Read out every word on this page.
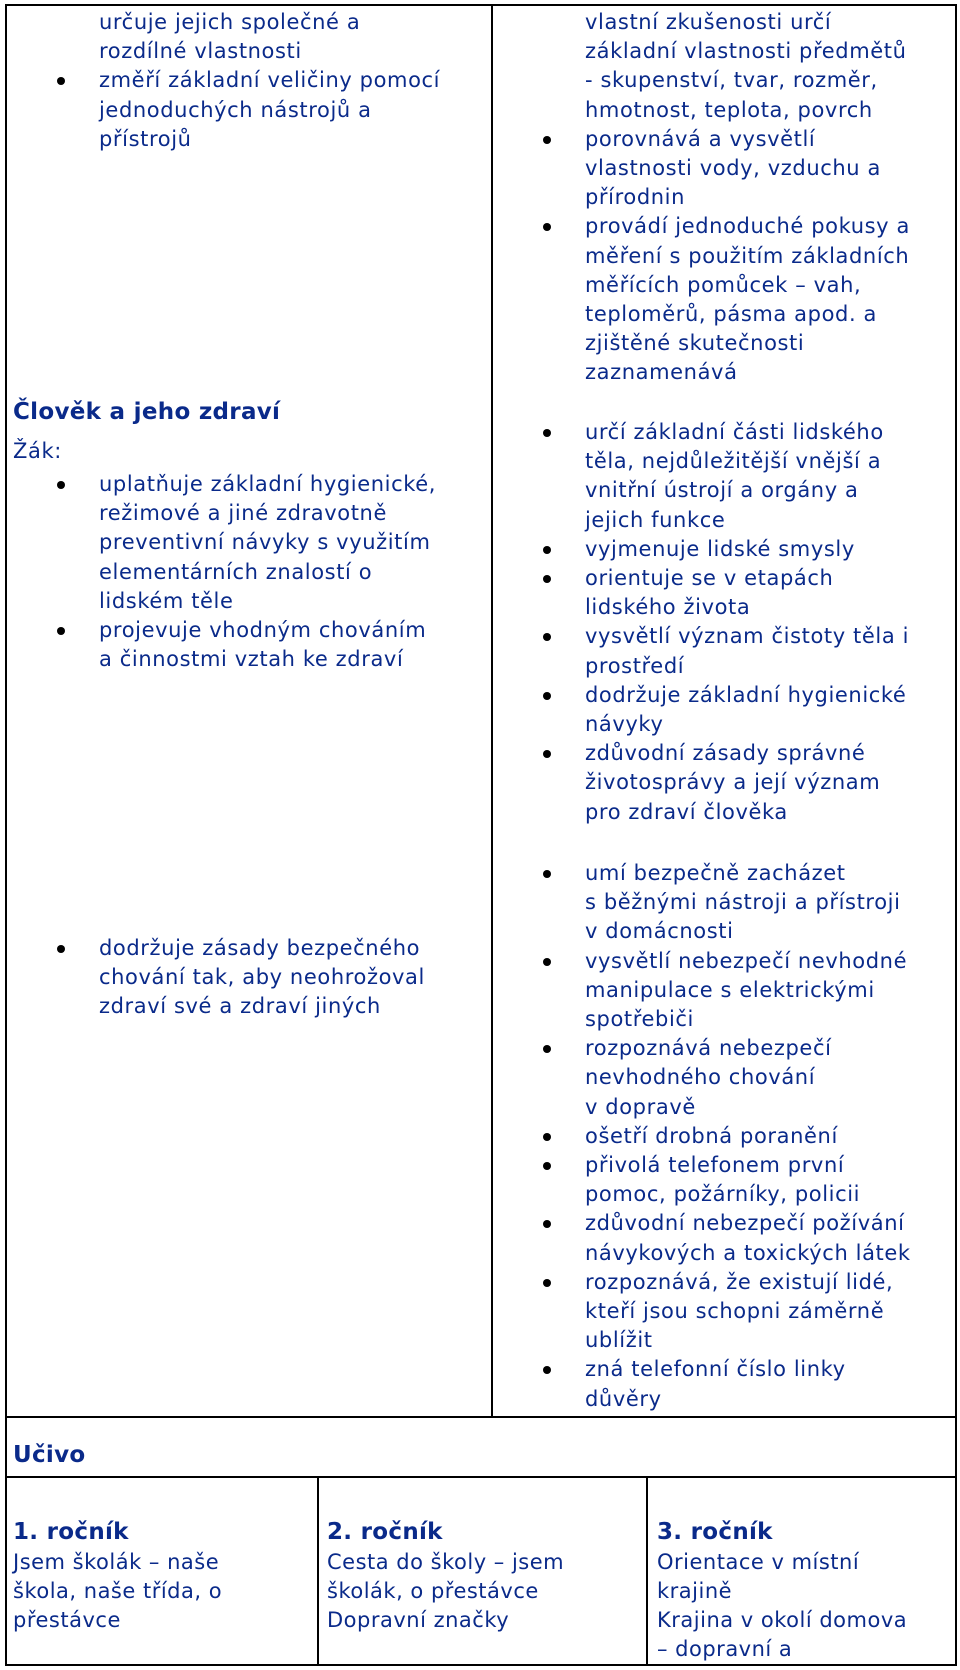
určuje jejich společné a
rozdílné vlastnosti
změří základní veličiny pomocí
jednoduchých nástrojů a
přístrojů
vlastní zkušenosti určí
základní vlastnosti předmětů
- skupenství, tvar, rozměr,
hmotnost, teplota, povrch
porovnává a vysvětlí
vlastnosti vody, vzduchu a
přírodnin
provádí jednoduché pokusy a
měření s použitím základních
měřících pomůcek – vah,
teploměrů, pásma apod. a
zjištěné skutečnosti
zaznamenává
Člověk a jeho zdraví
Žák:
uplatňuje základní hygienické,
režimové a jiné zdravotně
preventivní návyky s využitím
elementárních znalostí o
lidském těle
projevuje vhodným chováním
a činnostmi vztah ke zdraví
určí základní části lidského
těla, nejdůležitější vnější a
vnitřní ústrojí a orgány a
jejich funkce
vyjmenuje lidské smysly
orientuje se v etapách
lidského života
vysvětlí význam čistoty těla i
prostředí
dodržuje základní hygienické
návyky
zdůvodní zásady správné
životosprávy a její význam
pro zdraví člověka
dodržuje zásady bezpečného
chování tak, aby neohrožoval
zdraví své a zdraví jiných
umí bezpečně zacházet
s běžnými nástroji a přístroji
v domácnosti
vysvětlí nebezpečí nevhodné
manipulace s elektrickými
spotřebiči
rozpoznává nebezpečí
nevhodného chování
v dopravě
ošetří drobná poranění
přivolá telefonem první
pomoc, požárníky, policii
zdůvodní nebezpečí požívání
návykových a toxických látek
rozpoznává, že existují lidé,
kteří jsou schopni záměrně
ublížit
zná telefonní číslo linky
důvěry
Učivo
1. ročník	2. ročník	3. ročník
Jsem školák – naše
škola, naše třída, o
přestávce
Cesta do školy – jsem
školák, o přestávce
Dopravní značky
Orientace v místní
krajině
Krajina v okolí domova
– dopravní a
